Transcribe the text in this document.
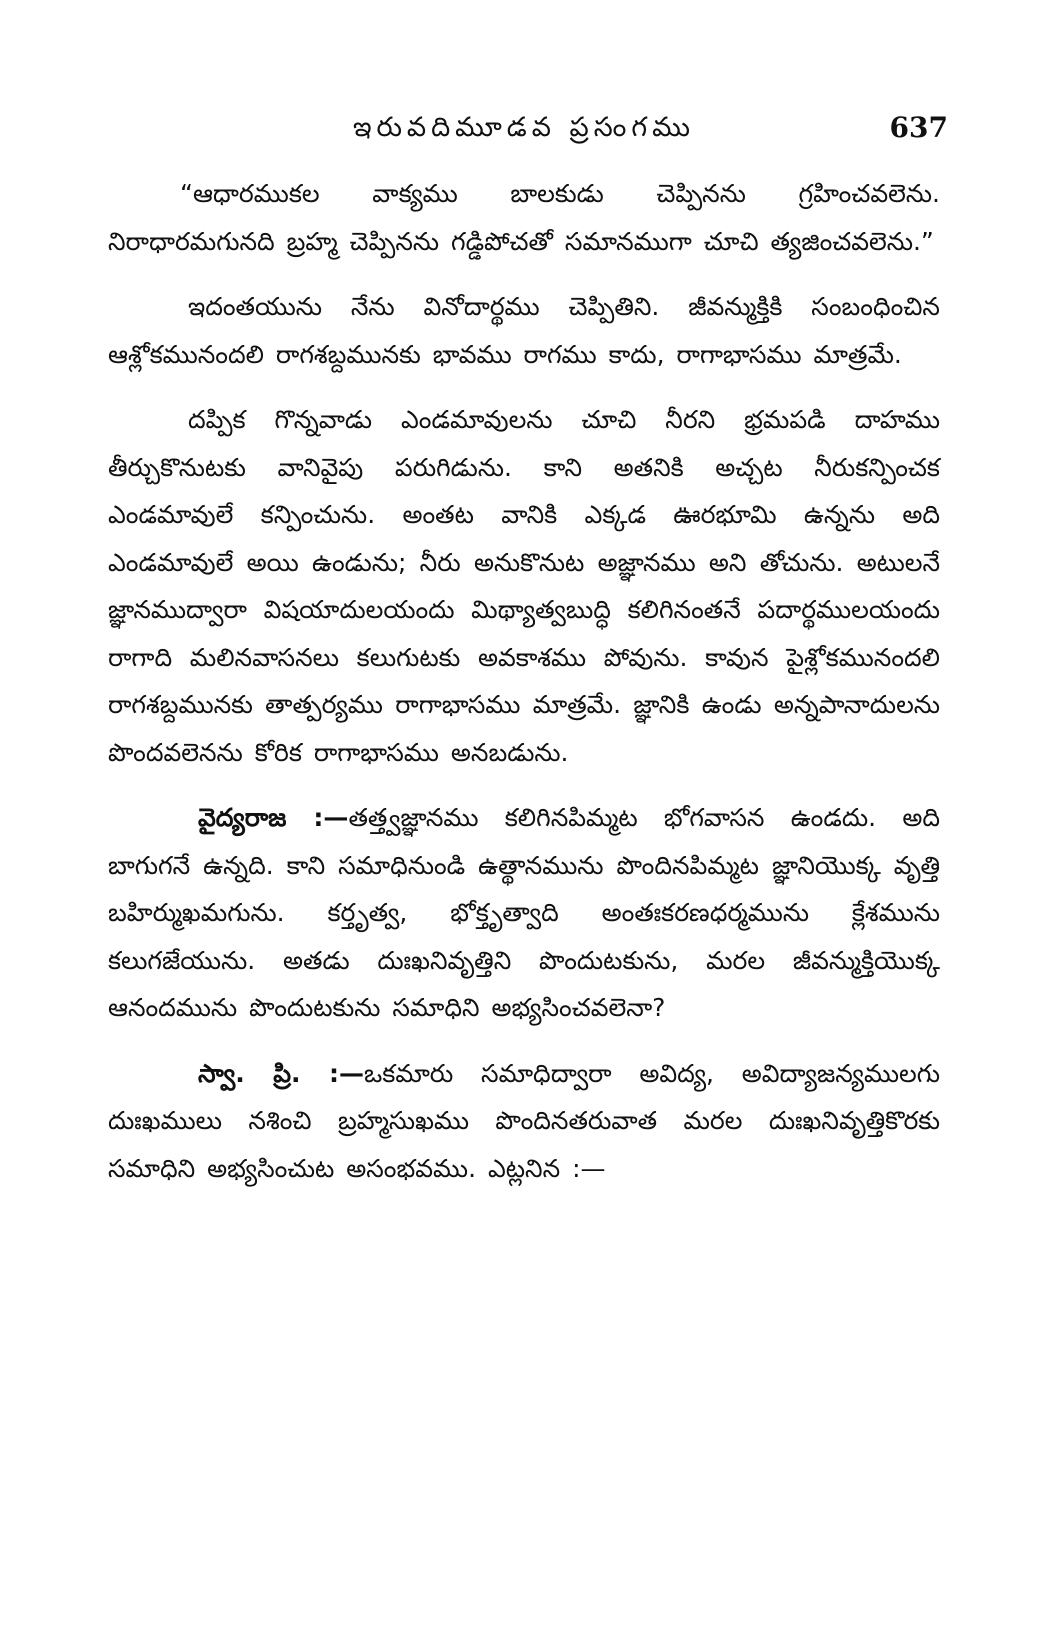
ఇరువదిమూడవ ప్రసంగము	637

“ఆధారముకల వాక్యము బాలకుడు చెప్పినను గ్రహించవలెను. నిరాధారమగునది బ్రహ్మ చెప్పినను గడ్డిపోచతో సమానముగా చూచి త్యజించవలెను.”

ఇదంతయును నేను వినోదార్థము చెప్పితిని. జీవన్ముక్తికి సంబంధించిన ఆశ్లోకమునందలి రాగశబ్దమునకు భావము రాగము కాదు, రాగాభాసము మాత్రమే.

దప్పిక గొన్నవాడు ఎండమావులను చూచి నీరని భ్రమపడి దాహము తీర్చుకొనుటకు వానివైపు పరుగిడును. కాని అతనికి అచ్చట నీరుకన్పించక ఎండమావులే కన్పించును. అంతట వానికి ఎక్కడ ఊరభూమి ఉన్నను అది ఎండమావులే అయి ఉండును; నీరు అనుకొనుట అజ్ఞానము అని తోచును. అటులనే జ్ఞానముద్వారా విషయాదులయందు మిథ్యాత్వబుద్ధి కలిగినంతనే పదార్థములయందు రాగాది మలినవాసనలు కలుగుటకు అవకాశము పోవును. కావున పైశ్లోకమునందలి రాగశబ్దమునకు తాత్పర్యము రాగాభాసము మాత్రమే. జ్ఞానికి ఉండు అన్నపానాదులను పొందవలెనను కోరిక రాగాభాసము అనబడును.

వైద్యరాజ :—తత్త్వజ్ఞానము కలిగినపిమ్మట భోగవాసన ఉండదు. అది బాగుగనే ఉన్నది. కాని సమాధినుండి ఉత్థానమును పొందినపిమ్మట జ్ఞానియొక్క వృత్తి బహిర్ముఖమగును. కర్తృత్వ, భోక్తృత్వాది అంతఃకరణధర్మమును క్లేశమును కలుగజేయును. అతడు దుఃఖనివృత్తిని పొందుటకును, మరల జీవన్ముక్తియొక్క ఆనందమును పొందుటకును సమాధిని అభ్యసించవలెనా?

స్వా. ప్రి. :—ఒకమారు సమాధిద్వారా అవిద్య, అవిద్యాజన్యములగు దుఃఖములు నశించి బ్రహ్మసుఖము పొందినతరువాత మరల దుఃఖనివృత్తికొరకు సమాధిని అభ్యసించుట అసంభవము. ఎట్లనిన :—
